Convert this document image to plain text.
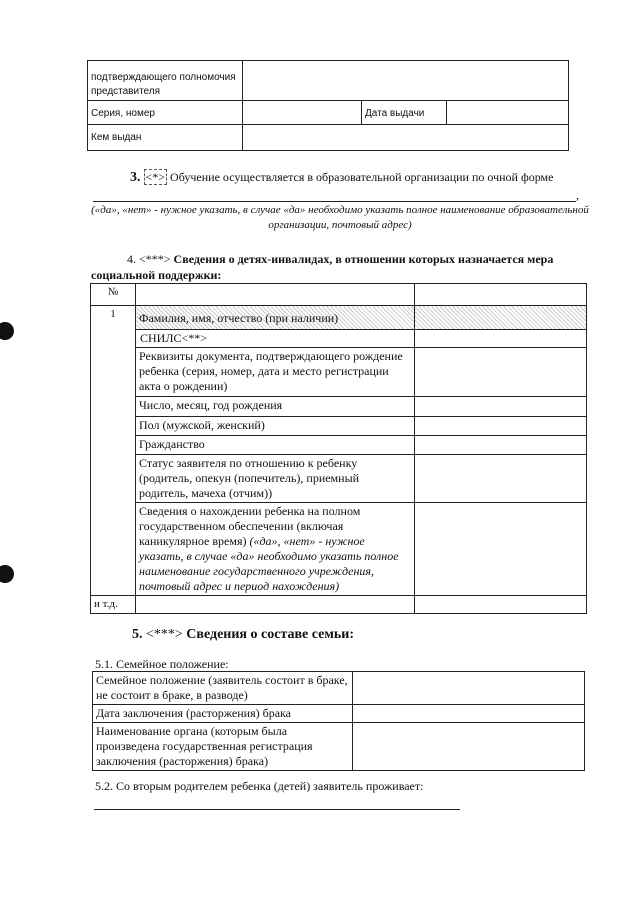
подтверждающего полномочия представителя			
Серия, номер		Дата выдачи	
Кем выдан			
3. <*> Обучение осуществляется в образовательной организации по очной форме
,
(«да», «нет» - нужное указать, в случае «да» необходимо указать полное наименование образовательной организации, почтовый адрес)
4. <***> Сведения о детях-инвалидах, в отношении которых назначается мера социальной поддержки:
№		
1	Фамилия, имя, отчество (при наличии)	
	СНИЛС<**>	
	Реквизиты документа, подтверждающего рождение ребенка (серия, номер, дата и место регистрации акта о рождении)	
	Число, месяц, год рождения	
	Пол (мужской, женский)	
	Гражданство	
	Статус заявителя по отношению к ребенку (родитель, опекун (попечитель), приемный родитель, мачеха (отчим))	
	Сведения о нахождении ребенка на полном государственном обеспечении (включая каникулярное время) («да», «нет» - нужное указать, в случае «да» необходимо указать полное наименование государственного учреждения, почтовый адрес и период нахождения)	
и т.д.		
5. <***> Сведения о составе семьи:
5.1. Семейное положение:
Семейное положение (заявитель состоит в браке, не состоит в браке, в разводе)	
Дата заключения (расторжения) брака	
Наименование органа (которым была произведена государственная регистрация заключения (расторжения) брака)	
5.2. Со вторым родителем ребенка (детей) заявитель проживает:
